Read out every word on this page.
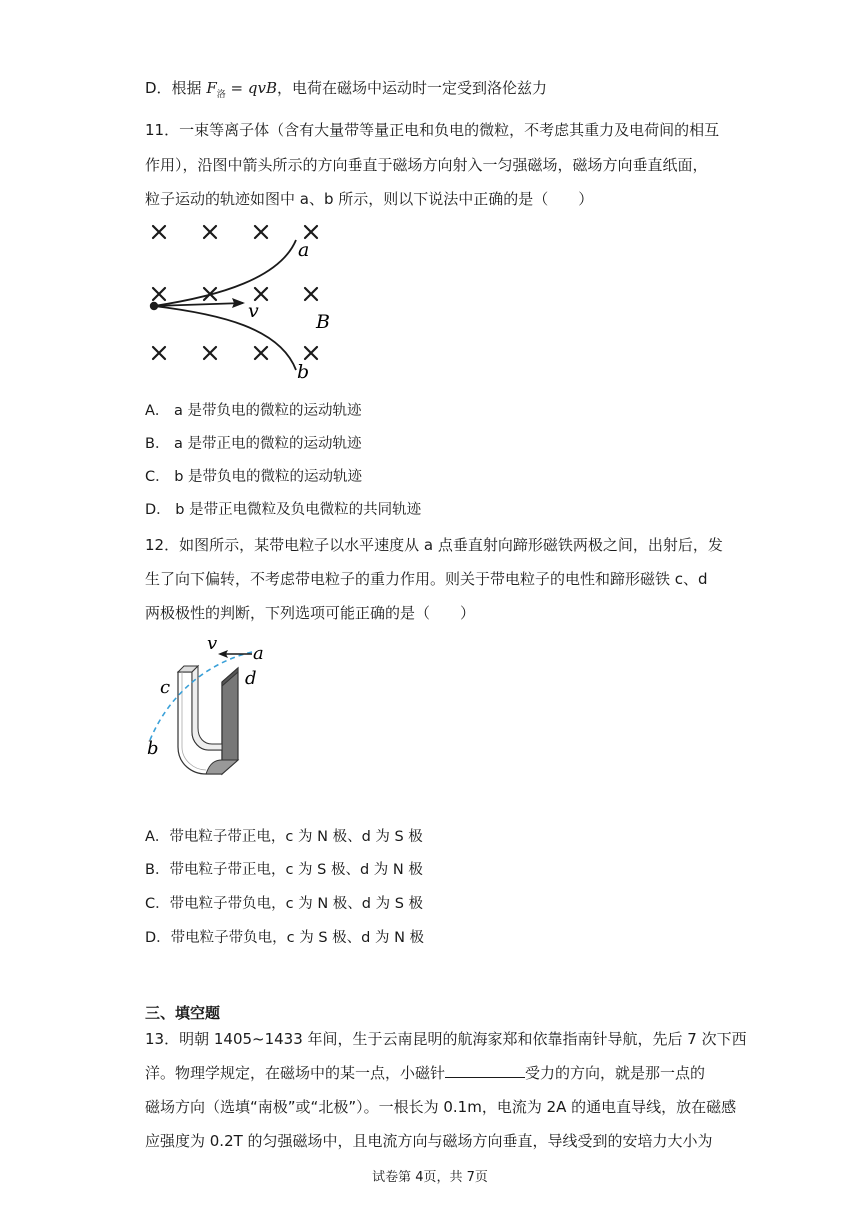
D．根据 $F_洛$ = qvB，电荷在磁场中运动时一定受到洛伦兹力
11．一束等离子体（含有大量带等量正电和负电的微粒，不考虑其重力及电荷间的相互
作用），沿图中箭头所示的方向垂直于磁场方向射入一匀强磁场，磁场方向垂直纸面，
粒子运动的轨迹如图中 a、b 所示，则以下说法中正确的是（　　）
a
v	B
b
A． a 是带负电的微粒的运动轨迹
B． a 是带正电的微粒的运动轨迹
C． b 是带负电的微粒的运动轨迹
D． b 是带正电微粒及负电微粒的共同轨迹
12．如图所示，某带电粒子以水平速度从 a 点垂直射向蹄形磁铁两极之间，出射后，发
生了向下偏转，不考虑带电粒子的重力作用。则关于带电粒子的电性和蹄形磁铁 c、d
两极极性的判断，下列选项可能正确的是（　　）
v a
c	d
b
A．带电粒子带正电，c 为 N 极、d 为 S 极
B．带电粒子带正电，c 为 S 极、d 为 N 极
C．带电粒子带负电，c 为 N 极、d 为 S 极
D．带电粒子带负电，c 为 S 极、d 为 N 极
三、填空题
13．明朝 1405~1433 年间，生于云南昆明的航海家郑和依靠指南针导航，先后 7 次下西
洋。物理学规定，在磁场中的某一点，小磁针	受力的方向，就是那一点的
磁场方向（选填“南极”或“北极”）。一根长为 0.1m，电流为 2A 的通电直导线，放在磁感
应强度为 0.2T 的匀强磁场中，且电流方向与磁场方向垂直，导线受到的安培力大小为
试卷第 4页，共 7页
